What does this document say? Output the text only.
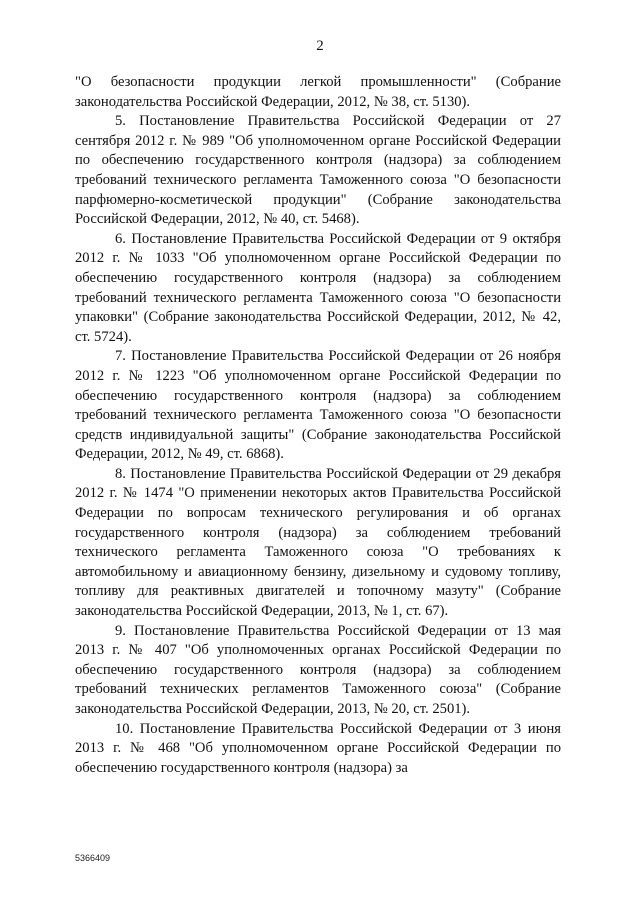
2

"О безопасности продукции легкой промышленности" (Собрание законодательства Российской Федерации, 2012, № 38, ст. 5130).

5. Постановление Правительства Российской Федерации от 27 сентября 2012 г. № 989 "Об уполномоченном органе Российской Федерации по обеспечению государственного контроля (надзора) за соблюдением требований технического регламента Таможенного союза "О безопасности парфюмерно-косметической продукции" (Собрание законодательства Российской Федерации, 2012, № 40, ст. 5468).

6. Постановление Правительства Российской Федерации от 9 октября 2012 г. № 1033 "Об уполномоченном органе Российской Федерации по обеспечению государственного контроля (надзора) за соблюдением требований технического регламента Таможенного союза "О безопасности упаковки" (Собрание законодательства Российской Федерации, 2012, № 42, ст. 5724).

7. Постановление Правительства Российской Федерации от 26 ноября 2012 г. № 1223 "Об уполномоченном органе Российской Федерации по обеспечению государственного контроля (надзора) за соблюдением требований технического регламента Таможенного союза "О безопасности средств индивидуальной защиты" (Собрание законодательства Российской Федерации, 2012, № 49, ст. 6868).

8. Постановление Правительства Российской Федерации от 29 декабря 2012 г. № 1474 "О применении некоторых актов Правительства Российской Федерации по вопросам технического регулирования и об органах государственного контроля (надзора) за соблюдением требований технического регламента Таможенного союза "О требованиях к автомобильному и авиационному бензину, дизельному и судовому топливу, топливу для реактивных двигателей и топочному мазуту" (Собрание законодательства Российской Федерации, 2013, № 1, ст. 67).

9. Постановление Правительства Российской Федерации от 13 мая 2013 г. № 407 "Об уполномоченных органах Российской Федерации по обеспечению государственного контроля (надзора) за соблюдением требований технических регламентов Таможенного союза" (Собрание законодательства Российской Федерации, 2013, № 20, ст. 2501).

10. Постановление Правительства Российской Федерации от 3 июня 2013 г. № 468 "Об уполномоченном органе Российской Федерации по обеспечению государственного контроля (надзора) за

5366409
